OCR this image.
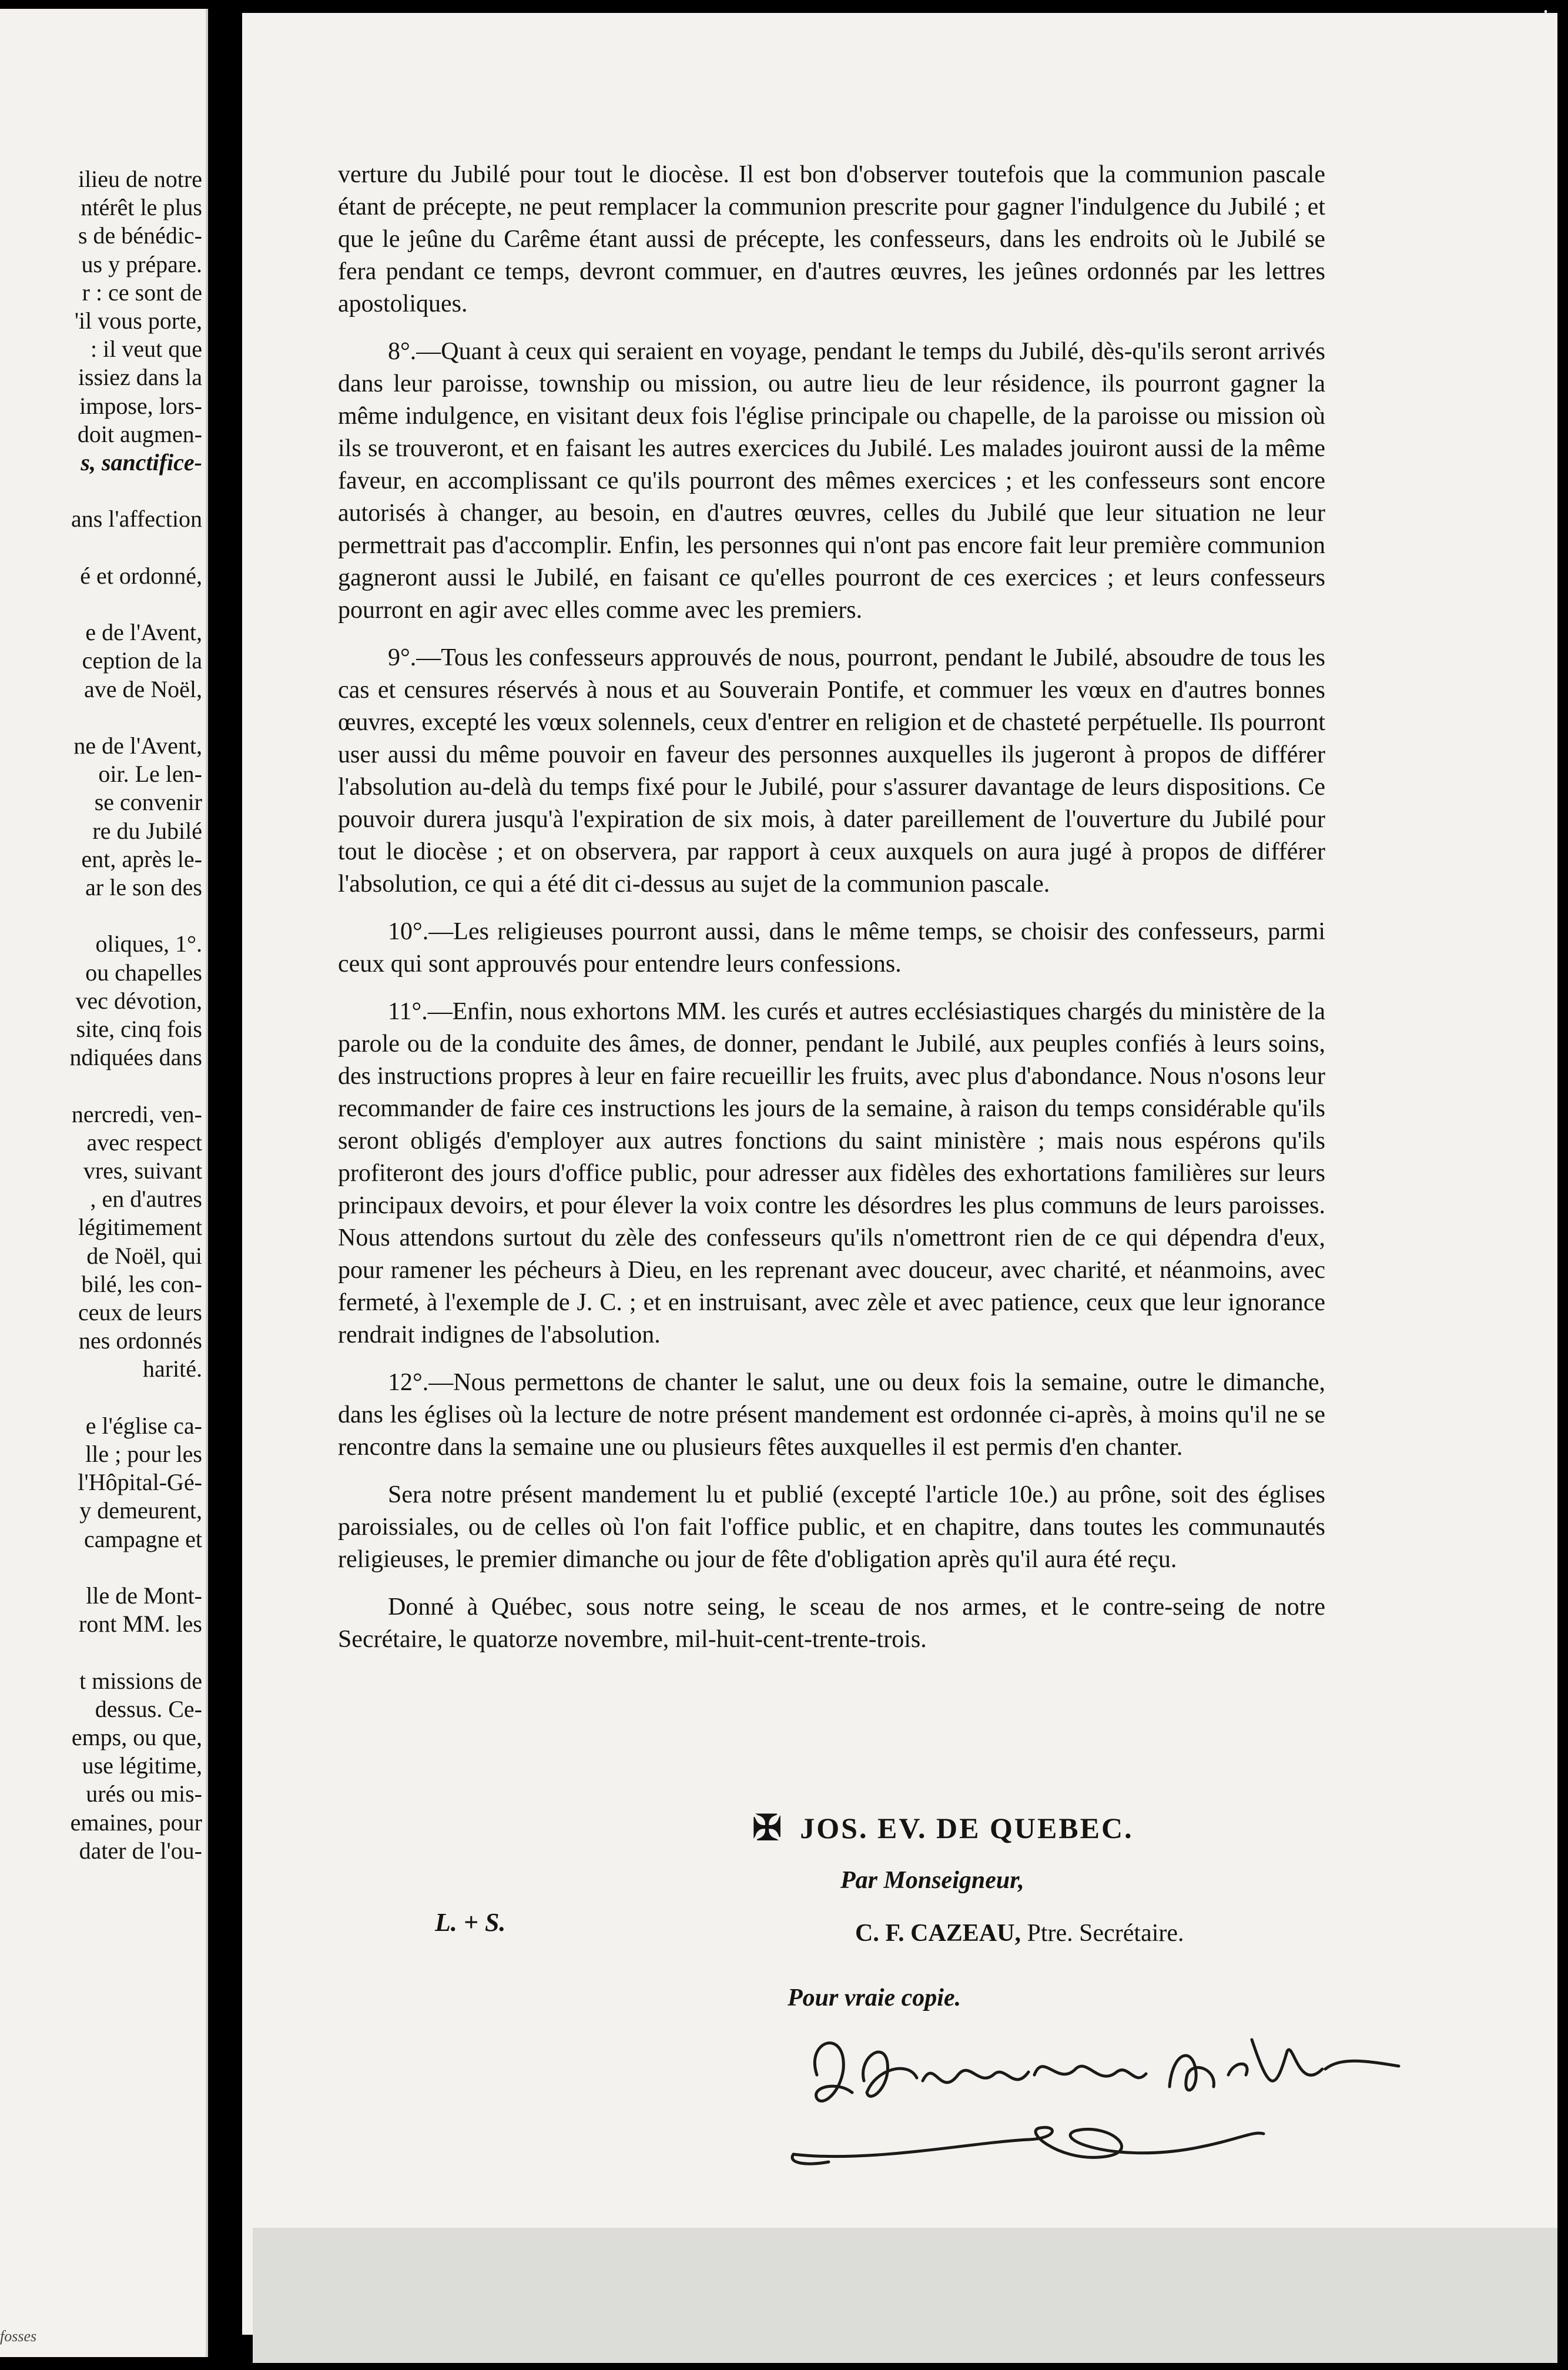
ilieu de notre
ntérêt le plus
s de bénédic-
us y prépare.
r : ce sont de
'il vous porte,
: il veut que
issiez dans la
impose, lors-
doit augmen-
s, sanctifice-
ans l'affection
é et ordonné,
e de l'Avent,
ception de la
ave de Noël,
ne de l'Avent,
oir. Le len-
se convenir
re du Jubilé
ent, après le-
ar le son des
oliques, 1°.
ou chapelles
vec dévotion,
site, cinq fois
ndiquées dans
nercredi, ven-
avec respect
vres, suivant
, en d'autres
légitimement
de Noël, qui
bilé, les con-
ceux de leurs
nes ordonnés
harité.
e l'église ca-
lle ; pour les
l'Hôpital-Gé-
y demeurent,
campagne et
lle de Mont-
ront MM. les
t missions de
dessus. Ce-
emps, ou que,
use légitime,
urés ou mis-
emaines, pour
dater de l'ou-
fosses
·

verture du Jubilé pour tout le diocèse. Il est bon d'observer toutefois que la communion pascale étant de précepte, ne peut remplacer la communion prescrite pour gagner l'indulgence du Jubilé ; et que le jeûne du Carême étant aussi de précepte, les confesseurs, dans les endroits où le Jubilé se fera pendant ce temps, devront commuer, en d'autres œuvres, les jeûnes ordonnés par les lettres apostoliques.

8°.—Quant à ceux qui seraient en voyage, pendant le temps du Jubilé, dès-qu'ils seront arrivés dans leur paroisse, township ou mission, ou autre lieu de leur résidence, ils pourront gagner la même indulgence, en visitant deux fois l'église principale ou chapelle, de la paroisse ou mission où ils se trouveront, et en faisant les autres exercices du Jubilé. Les malades jouiront aussi de la même faveur, en accomplissant ce qu'ils pourront des mêmes exercices ; et les confesseurs sont encore autorisés à changer, au besoin, en d'autres œuvres, celles du Jubilé que leur situation ne leur permettrait pas d'accomplir. Enfin, les personnes qui n'ont pas encore fait leur première communion gagneront aussi le Jubilé, en faisant ce qu'elles pourront de ces exercices ; et leurs confesseurs pourront en agir avec elles comme avec les premiers.

9°.—Tous les confesseurs approuvés de nous, pourront, pendant le Jubilé, absoudre de tous les cas et censures réservés à nous et au Souverain Pontife, et commuer les vœux en d'autres bonnes œuvres, excepté les vœux solennels, ceux d'entrer en religion et de chasteté perpétuelle. Ils pourront user aussi du même pouvoir en faveur des personnes auxquelles ils jugeront à propos de différer l'absolution au-delà du temps fixé pour le Jubilé, pour s'assurer davantage de leurs dispositions. Ce pouvoir durera jusqu'à l'expiration de six mois, à dater pareillement de l'ouverture du Jubilé pour tout le diocèse ; et on observera, par rapport à ceux auxquels on aura jugé à propos de différer l'absolution, ce qui a été dit ci-dessus au sujet de la communion pascale.

10°.—Les religieuses pourront aussi, dans le même temps, se choisir des confesseurs, parmi ceux qui sont approuvés pour entendre leurs confessions.

11°.—Enfin, nous exhortons MM. les curés et autres ecclésiastiques chargés du ministère de la parole ou de la conduite des âmes, de donner, pendant le Jubilé, aux peuples confiés à leurs soins, des instructions propres à leur en faire recueillir les fruits, avec plus d'abondance. Nous n'osons leur recommander de faire ces instructions les jours de la semaine, à raison du temps considérable qu'ils seront obligés d'employer aux autres fonctions du saint ministère ; mais nous espérons qu'ils profiteront des jours d'office public, pour adresser aux fidèles des exhortations familières sur leurs principaux devoirs, et pour élever la voix contre les désordres les plus communs de leurs paroisses. Nous attendons surtout du zèle des confesseurs qu'ils n'omettront rien de ce qui dépendra d'eux, pour ramener les pécheurs à Dieu, en les reprenant avec douceur, avec charité, et néanmoins, avec fermeté, à l'exemple de J. C. ; et en instruisant, avec zèle et avec patience, ceux que leur ignorance rendrait indignes de l'absolution.

12°.—Nous permettons de chanter le salut, une ou deux fois la semaine, outre le dimanche, dans les églises où la lecture de notre présent mandement est ordonnée ci-après, à moins qu'il ne se rencontre dans la semaine une ou plusieurs fêtes auxquelles il est permis d'en chanter.

Sera notre présent mandement lu et publié (excepté l'article 10e.) au prône, soit des églises paroissiales, ou de celles où l'on fait l'office public, et en chapitre, dans toutes les communautés religieuses, le premier dimanche ou jour de fête d'obligation après qu'il aura été reçu.

Donné à Québec, sous notre seing, le sceau de nos armes, et le contre-seing de notre Secrétaire, le quatorze novembre, mil-huit-cent-trente-trois.

✠ JOS. EV. DE QUEBEC.
Par Monseigneur,
L. + S.	C. F. CAZEAU, Ptre. Secrétaire.
Pour vraie copie.
